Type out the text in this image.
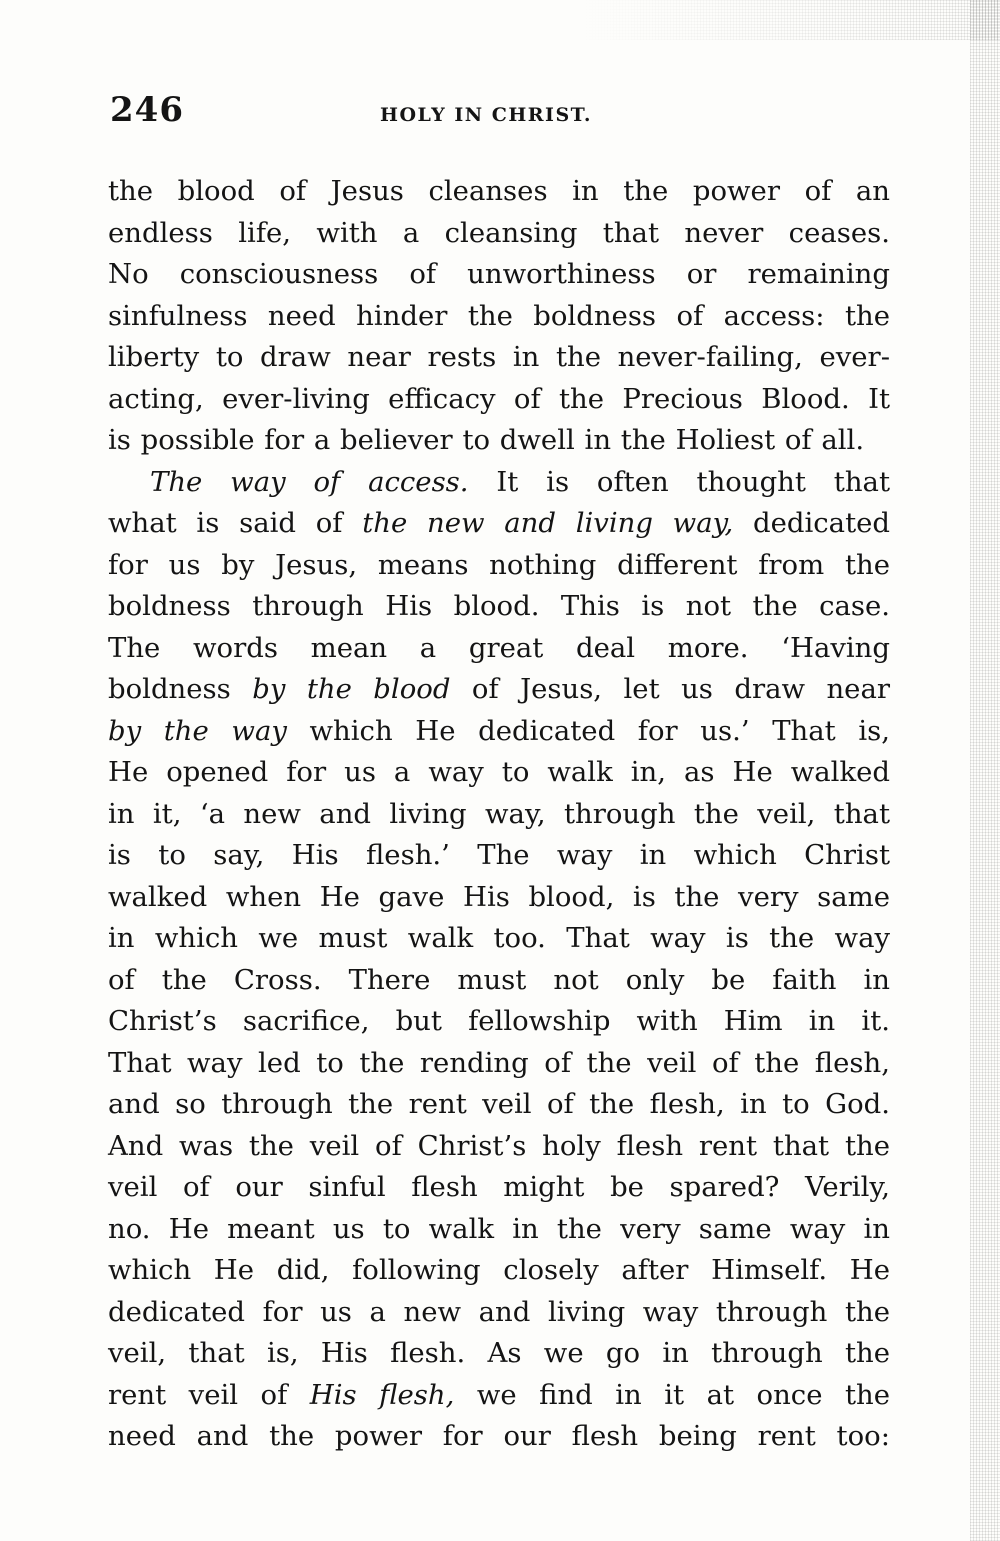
246	HOLY IN CHRIST.
the blood of Jesus cleanses in the power of an
endless life, with a cleansing that never ceases.
No consciousness of unworthiness or remaining
sinfulness need hinder the boldness of access: the
liberty to draw near rests in the never-failing, ever-
acting, ever-living efficacy of the Precious Blood. It
is possible for a believer to dwell in the Holiest of all.
The way of access. It is often thought that
what is said of the new and living way, dedicated
for us by Jesus, means nothing different from the
boldness through His blood. This is not the case.
The words mean a great deal more. ‘Having
boldness by the blood of Jesus, let us draw near
by the way which He dedicated for us.’ That is,
He opened for us a way to walk in, as He walked
in it, ‘a new and living way, through the veil, that
is to say, His flesh.’ The way in which Christ
walked when He gave His blood, is the very same
in which we must walk too. That way is the way
of the Cross. There must not only be faith in
Christ’s sacrifice, but fellowship with Him in it.
That way led to the rending of the veil of the flesh,
and so through the rent veil of the flesh, in to God.
And was the veil of Christ’s holy flesh rent that the
veil of our sinful flesh might be spared? Verily,
no. He meant us to walk in the very same way in
which He did, following closely after Himself. He
dedicated for us a new and living way through the
veil, that is, His flesh. As we go in through the
rent veil of His flesh, we find in it at once the
need and the power for our flesh being rent too:
